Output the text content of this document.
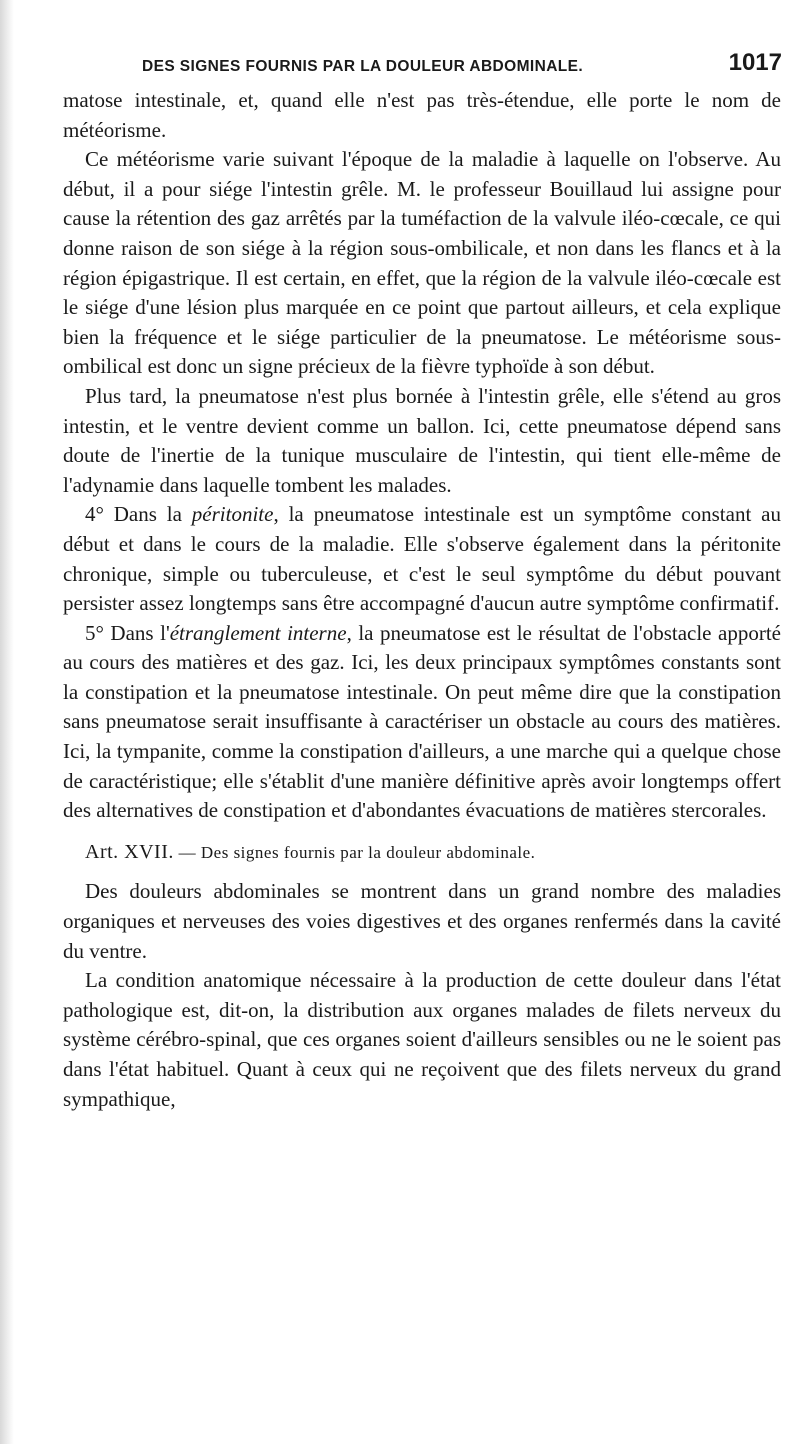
DES SIGNES FOURNIS PAR LA DOULEUR ABDOMINALE.	1017

matose intestinale, et, quand elle n'est pas très-étendue, elle porte le nom de météorisme.

Ce météorisme varie suivant l'époque de la maladie à laquelle on l'observe. Au début, il a pour siége l'intestin grêle. M. le professeur Bouillaud lui assigne pour cause la rétention des gaz arrêtés par la tuméfaction de la valvule iléo-cœcale, ce qui donne raison de son siége à la région sous-ombilicale, et non dans les flancs et à la région épigastrique. Il est certain, en effet, que la région de la valvule iléo-cœcale est le siége d'une lésion plus marquée en ce point que partout ailleurs, et cela explique bien la fréquence et le siége particulier de la pneumatose. Le météorisme sous-ombilical est donc un signe précieux de la fièvre typhoïde à son début.

Plus tard, la pneumatose n'est plus bornée à l'intestin grêle, elle s'étend au gros intestin, et le ventre devient comme un ballon. Ici, cette pneumatose dépend sans doute de l'inertie de la tunique musculaire de l'intestin, qui tient elle-même de l'adynamie dans laquelle tombent les malades.

4° Dans la péritonite, la pneumatose intestinale est un symptôme constant au début et dans le cours de la maladie. Elle s'observe également dans la péritonite chronique, simple ou tuberculeuse, et c'est le seul symptôme du début pouvant persister assez longtemps sans être accompagné d'aucun autre symptôme confirmatif.

5° Dans l'étranglement interne, la pneumatose est le résultat de l'obstacle apporté au cours des matières et des gaz. Ici, les deux principaux symptômes constants sont la constipation et la pneumatose intestinale. On peut même dire que la constipation sans pneumatose serait insuffisante à caractériser un obstacle au cours des matières. Ici, la tympanite, comme la constipation d'ailleurs, a une marche qui a quelque chose de caractéristique; elle s'établit d'une manière définitive après avoir longtemps offert des alternatives de constipation et d'abondantes évacuations de matières stercorales.

Art. XVII. — Des signes fournis par la douleur abdominale.

Des douleurs abdominales se montrent dans un grand nombre des maladies organiques et nerveuses des voies digestives et des organes renfermés dans la cavité du ventre.

La condition anatomique nécessaire à la production de cette douleur dans l'état pathologique est, dit-on, la distribution aux organes malades de filets nerveux du système cérébro-spinal, que ces organes soient d'ailleurs sensibles ou ne le soient pas dans l'état habituel. Quant à ceux qui ne reçoivent que des filets nerveux du grand sympathique,
